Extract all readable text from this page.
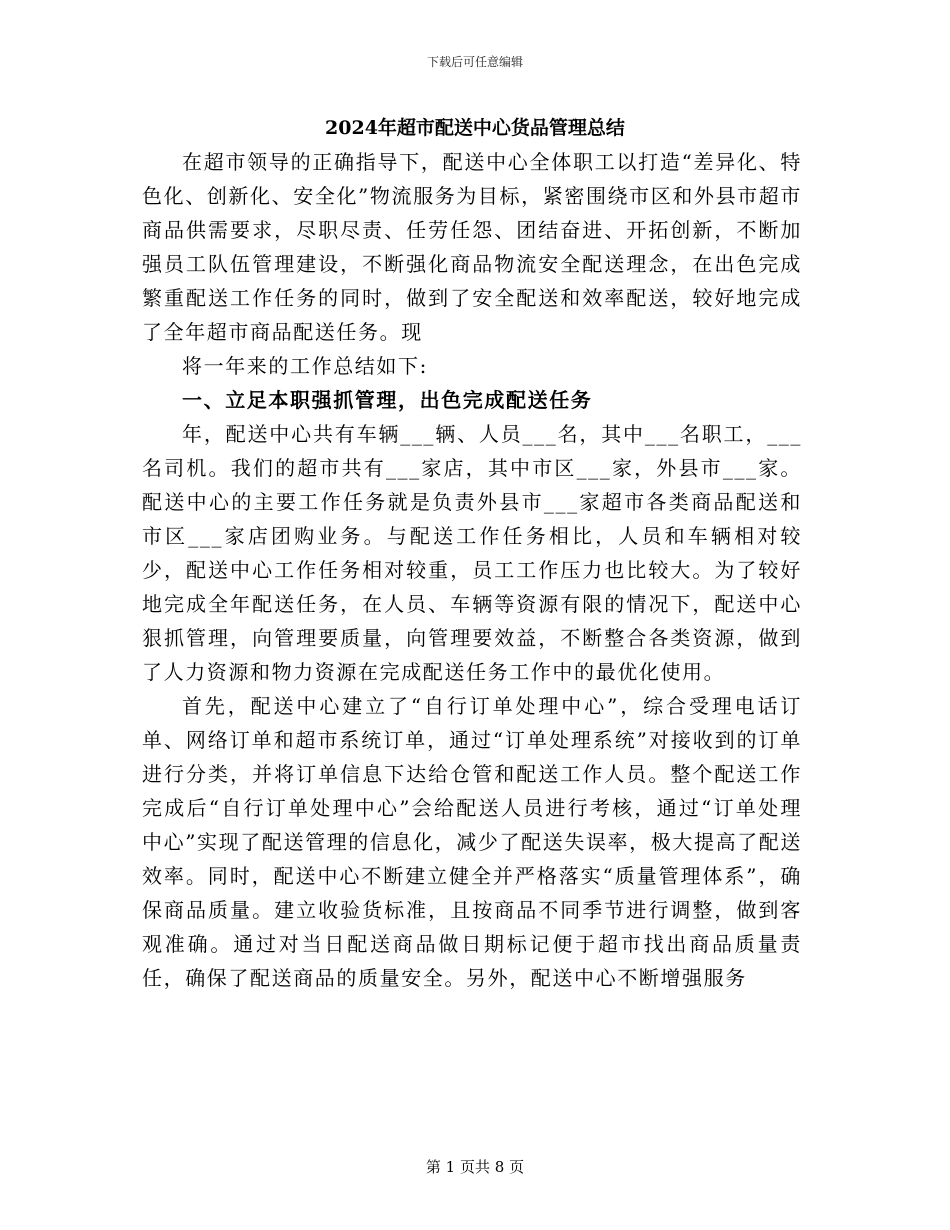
下载后可任意编辑
2024年超市配送中心货品管理总结

在超市领导的正确指导下，配送中心全体职工以打造“差异化、特色化、创新化、安全化”物流服务为目标，紧密围绕市区和外县市超市商品供需要求，尽职尽责、任劳任怨、团结奋进、开拓创新，不断加强员工队伍管理建设，不断强化商品物流安全配送理念，在出色完成繁重配送工作任务的同时，做到了安全配送和效率配送，较好地完成了全年超市商品配送任务。现

将一年来的工作总结如下:

一、立足本职强抓管理，出色完成配送任务

年，配送中心共有车辆___辆、人员___名，其中___名职工，___名司机。我们的超市共有___家店，其中市区___家，外县市___家。配送中心的主要工作任务就是负责外县市___家超市各类商品配送和市区___家店团购业务。与配送工作任务相比，人员和车辆相对较少，配送中心工作任务相对较重，员工工作压力也比较大。为了较好地完成全年配送任务，在人员、车辆等资源有限的情况下，配送中心狠抓管理，向管理要质量，向管理要效益，不断整合各类资源，做到了人力资源和物力资源在完成配送任务工作中的最优化使用。

首先，配送中心建立了“自行订单处理中心”，综合受理电话订单、网络订单和超市系统订单，通过“订单处理系统”对接收到的订单进行分类，并将订单信息下达给仓管和配送工作人员。整个配送工作完成后“自行订单处理中心”会给配送人员进行考核，通过“订单处理中心”实现了配送管理的信息化，减少了配送失误率，极大提高了配送效率。同时，配送中心不断建立健全并严格落实“质量管理体系”，确保商品质量。建立收验货标准，且按商品不同季节进行调整，做到客观准确。通过对当日配送商品做日期标记便于超市找出商品质量责任，确保了配送商品的质量安全。另外，配送中心不断增强服务

第 1 页共 8 页
